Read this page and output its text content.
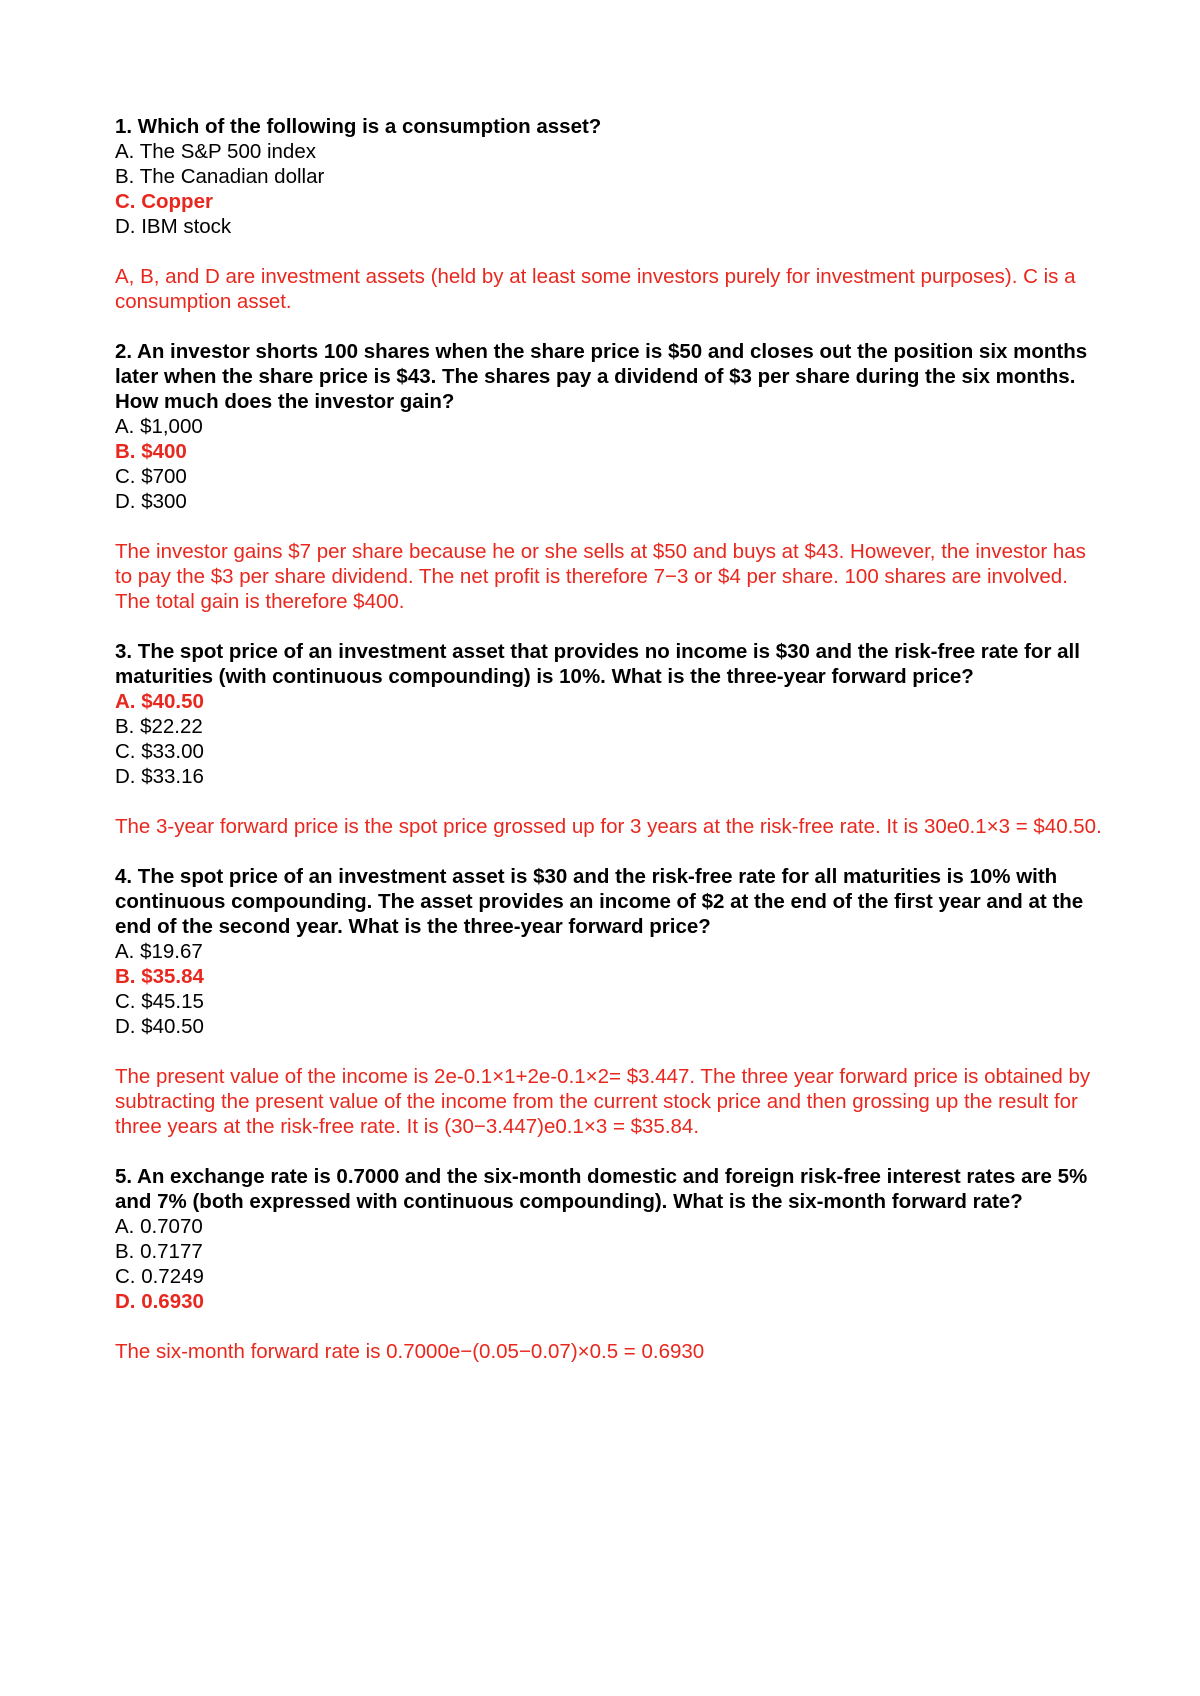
1. Which of the following is a consumption asset?

A. The S&P 500 index

B. The Canadian dollar

C. Copper

D. IBM stock

A, B, and D are investment assets (held by at least some investors purely for investment purposes). C is a consumption asset.

2. An investor shorts 100 shares when the share price is $50 and closes out the position six months later when the share price is $43. The shares pay a dividend of $3 per share during the six months. How much does the investor gain?

A. $1,000

B. $400

C. $700

D. $300

The investor gains $7 per share because he or she sells at $50 and buys at $43. However, the investor has to pay the $3 per share dividend. The net profit is therefore 7−3 or $4 per share. 100 shares are involved. The total gain is therefore $400.

3. The spot price of an investment asset that provides no income is $30 and the risk-free rate for all maturities (with continuous compounding) is 10%. What is the three-year forward price?

A. $40.50

B. $22.22

C. $33.00

D. $33.16

The 3-year forward price is the spot price grossed up for 3 years at the risk-free rate. It is 30e0.1×3 = $40.50.

4. The spot price of an investment asset is $30 and the risk-free rate for all maturities is 10% with continuous compounding. The asset provides an income of $2 at the end of the first year and at the end of the second year. What is the three-year forward price?

A. $19.67

B. $35.84

C. $45.15

D. $40.50

The present value of the income is 2e-0.1×1+2e-0.1×2= $3.447. The three year forward price is obtained by subtracting the present value of the income from the current stock price and then grossing up the result for three years at the risk-free rate. It is (30−3.447)e0.1×3 = $35.84.

5. An exchange rate is 0.7000 and the six-month domestic and foreign risk-free interest rates are 5% and 7% (both expressed with continuous compounding). What is the six-month forward rate?

A. 0.7070

B. 0.7177

C. 0.7249

D. 0.6930

The six-month forward rate is 0.7000e−(0.05−0.07)×0.5 = 0.6930
